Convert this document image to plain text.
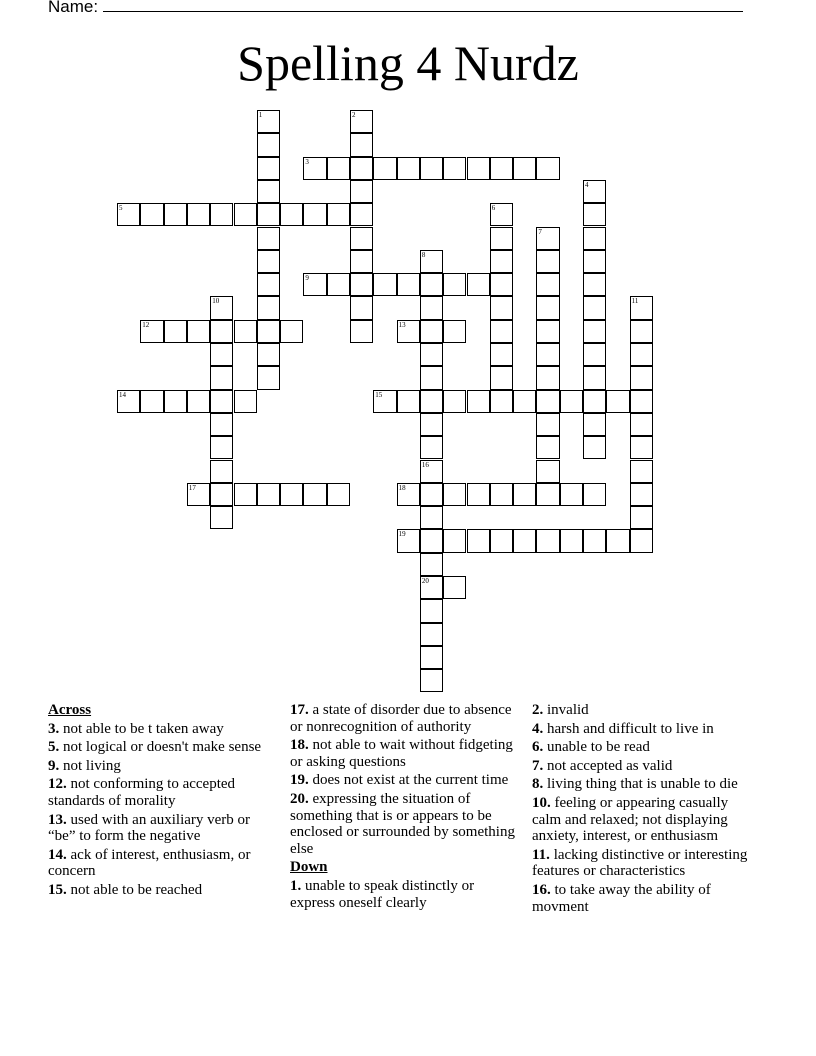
Name:
Spelling 4 Nurdz
1	2
3
4
5	6
7
8
9
10	11
12	13
14	15
16
20
17	18
19
Across
3. not able to be t taken away
5. not logical or doesn't make sense
9. not living
12. not conforming to accepted standards of morality
13. used with an auxiliary verb or “be” to form the negative
14. ack of interest, enthusiasm, or concern
15. not able to be reached
17. a state of disorder due to absence or nonrecognition of authority
18. not able to wait without fidgeting or asking questions
19. does not exist at the current time
20. expressing the situation of something that is or appears to be enclosed or surrounded by something else
Down
1. unable to speak distinctly or express oneself clearly
2. invalid
4. harsh and difficult to live in
6. unable to be read
7. not accepted as valid
8. living thing that is unable to die
10. feeling or appearing casually calm and relaxed; not displaying anxiety, interest, or enthusiasm
11. lacking distinctive or interesting features or characteristics
16. to take away the ability of movment
